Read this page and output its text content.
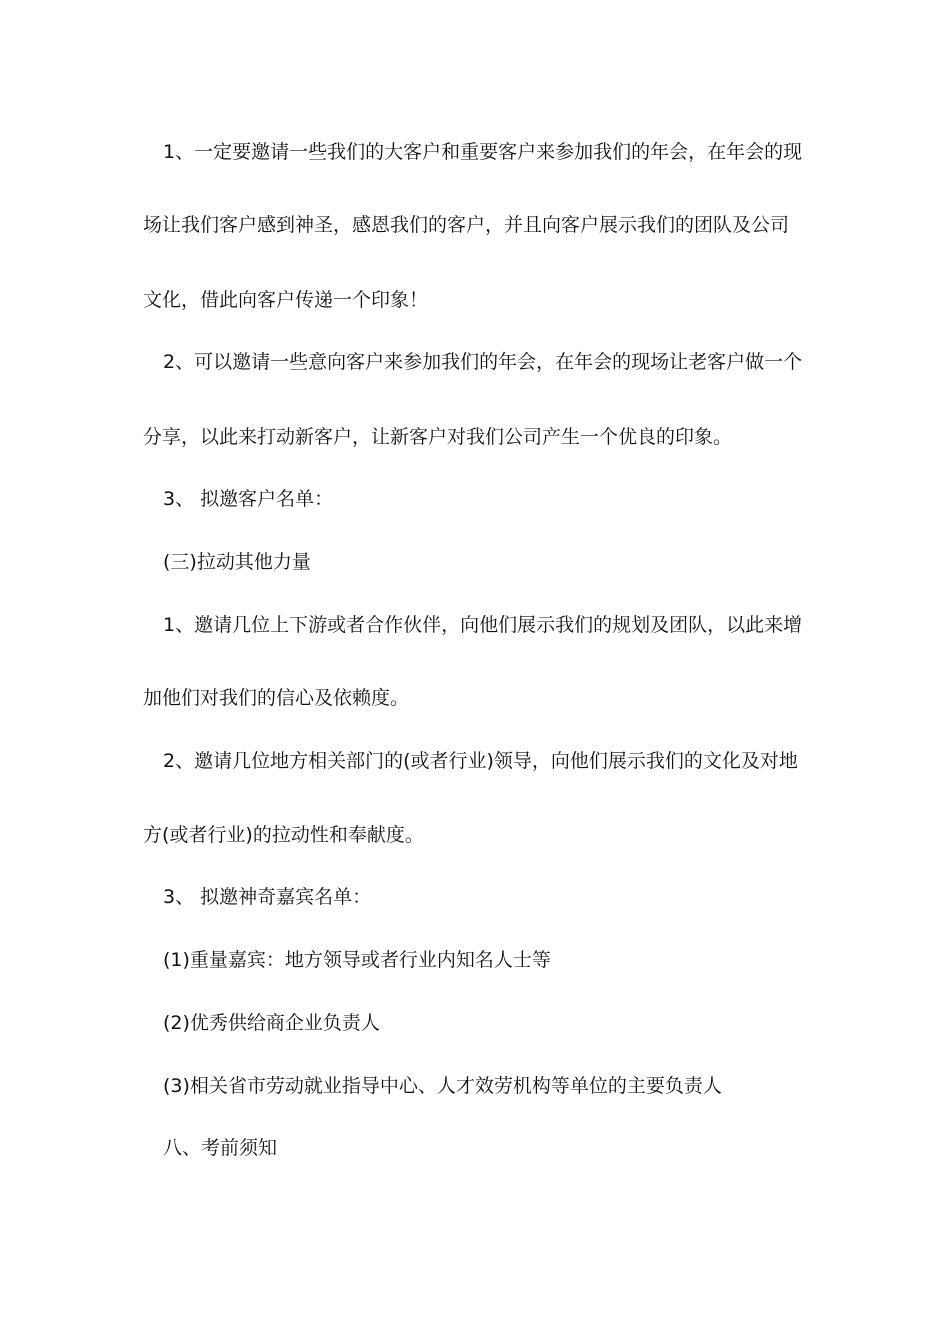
1、一定要邀请一些我们的大客户和重要客户来参加我们的年会，在年会的现
场让我们客户感到神圣，感恩我们的客户，并且向客户展示我们的团队及公司
文化，借此向客户传递一个印象！
2、可以邀请一些意向客户来参加我们的年会，在年会的现场让老客户做一个
分享，以此来打动新客户，让新客户对我们公司产生一个优良的印象。
3、 拟邀客户名单：
(三)拉动其他力量
1、邀请几位上下游或者合作伙伴，向他们展示我们的规划及团队，以此来增
加他们对我们的信心及依赖度。
2、邀请几位地方相关部门的(或者行业)领导，向他们展示我们的文化及对地
方(或者行业)的拉动性和奉献度。
3、 拟邀神奇嘉宾名单：
(1)重量嘉宾：地方领导或者行业内知名人士等
(2)优秀供给商企业负责人
(3)相关省市劳动就业指导中心、人才效劳机构等单位的主要负责人
八、考前须知
